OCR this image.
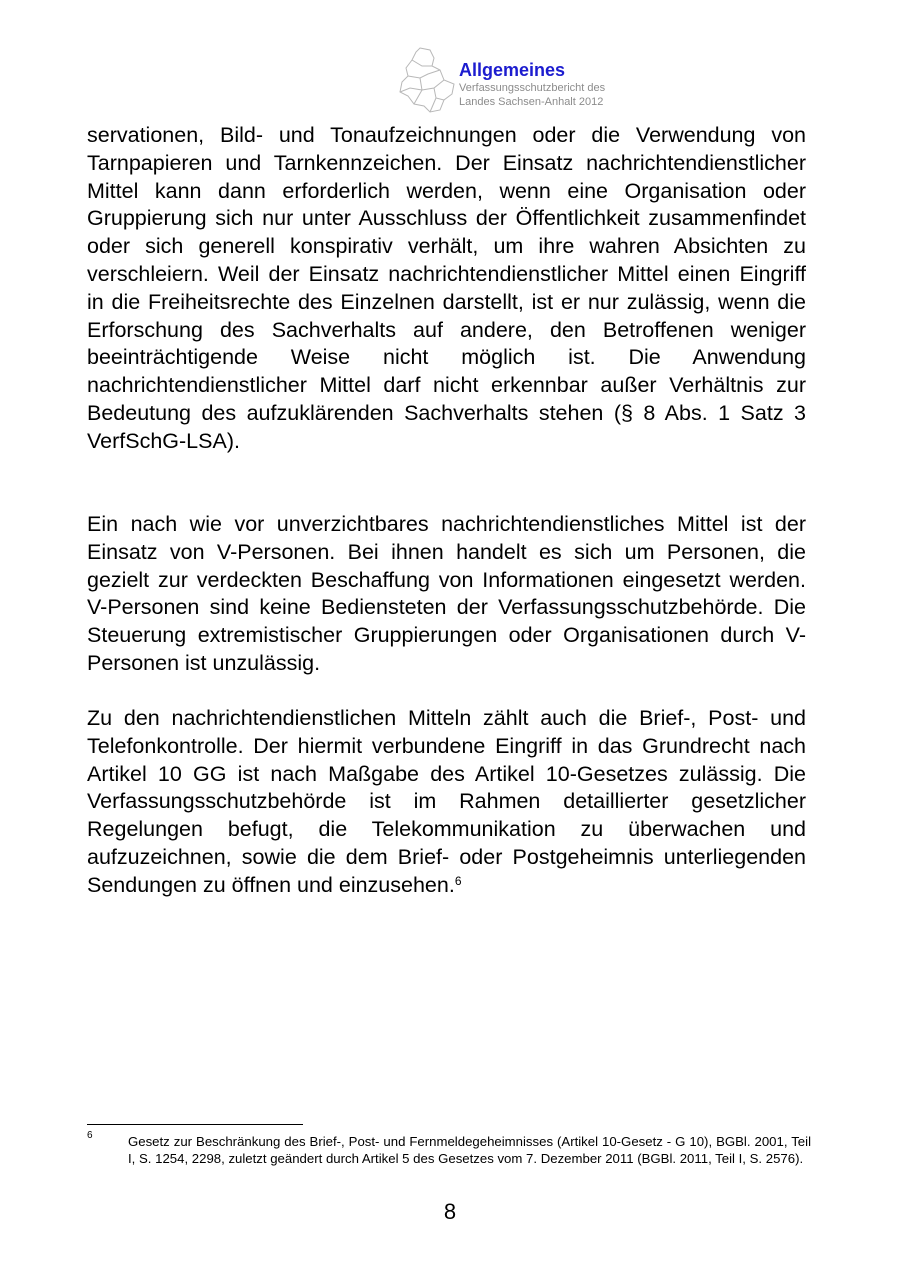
Allgemeines
Verfassungsschutzbericht des
Landes Sachsen-Anhalt 2012
servationen, Bild- und Tonaufzeichnungen oder die Verwendung von Tarnpapieren und Tarnkennzeichen. Der Einsatz nachrichtendienstlicher Mittel kann dann erforderlich werden, wenn eine Organisation oder Gruppierung sich nur unter Ausschluss der Öffentlichkeit zusammenfindet oder sich generell konspirativ verhält, um ihre wahren Absichten zu verschleiern. Weil der Einsatz nachrichtendienstlicher Mittel einen Eingriff in die Freiheitsrechte des Einzelnen darstellt, ist er nur zulässig, wenn die Erforschung des Sachverhalts auf andere, den Betroffenen weniger beeinträchtigende Weise nicht möglich ist. Die Anwendung nachrichtendienstlicher Mittel darf nicht erkennbar außer Verhältnis zur Bedeutung des aufzuklärenden Sachverhalts stehen (§ 8 Abs. 1 Satz 3 VerfSchG-LSA).
Ein nach wie vor unverzichtbares nachrichtendienstliches Mittel ist der Einsatz von V-Personen. Bei ihnen handelt es sich um Personen, die gezielt zur verdeckten Beschaffung von Informationen eingesetzt werden. V-Personen sind keine Bediensteten der Verfassungsschutzbehörde. Die Steuerung extremistischer Gruppierungen oder Organisationen durch V-Personen ist unzulässig.
Zu den nachrichtendienstlichen Mitteln zählt auch die Brief-, Post- und Telefonkontrolle. Der hiermit verbundene Eingriff in das Grundrecht nach Artikel 10 GG ist nach Maßgabe des Artikel 10-Gesetzes zulässig. Die Verfassungsschutzbehörde ist im Rahmen detaillierter gesetzlicher Regelungen befugt, die Telekommunikation zu überwachen und aufzuzeichnen, sowie die dem Brief- oder Postgeheimnis unterliegenden Sendungen zu öffnen und einzusehen.$^6$
6	Gesetz zur Beschränkung des Brief-, Post- und Fernmeldegeheimnisses (Artikel 10-Gesetz - G 10), BGBl. 2001, Teil I, S. 1254, 2298, zuletzt geändert durch Artikel 5 des Gesetzes vom 7. Dezember 2011 (BGBl. 2011, Teil I, S. 2576).
8
